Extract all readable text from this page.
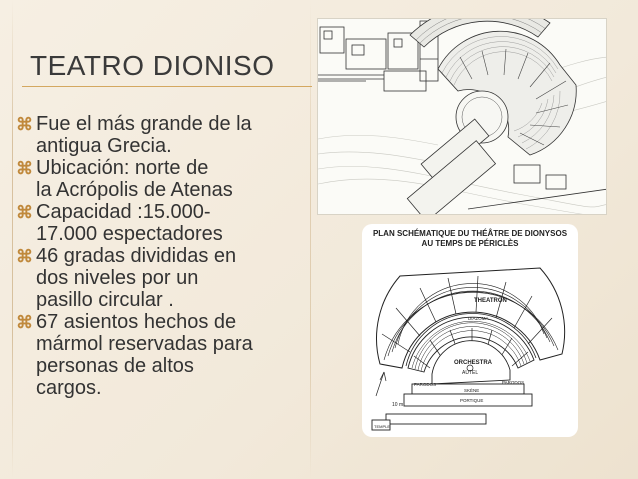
TEATRO DIONISO
⌘ Fue el más grande de la
antigua Grecia.
⌘ Ubicación: norte de
la Acrópolis de Atenas
⌘ Capacidad :15.000-
17.000 espectadores
⌘ 46 gradas divididas en
dos niveles por un
pasillo circular .
⌘ 67 asientos hechos de
mármol reservadas para
personas de altos
cargos.
PLAN SCHÉMATIQUE DU THÉÂTRE DE DIONYSOS
AU TEMPS DE PÉRICLÈS
THEATRON
DIAZOMA
ORCHESTRA
AUTEL
PARODOS	PARODOS
SKÈNE
PORTIQUE
TEMPLE
10 m
